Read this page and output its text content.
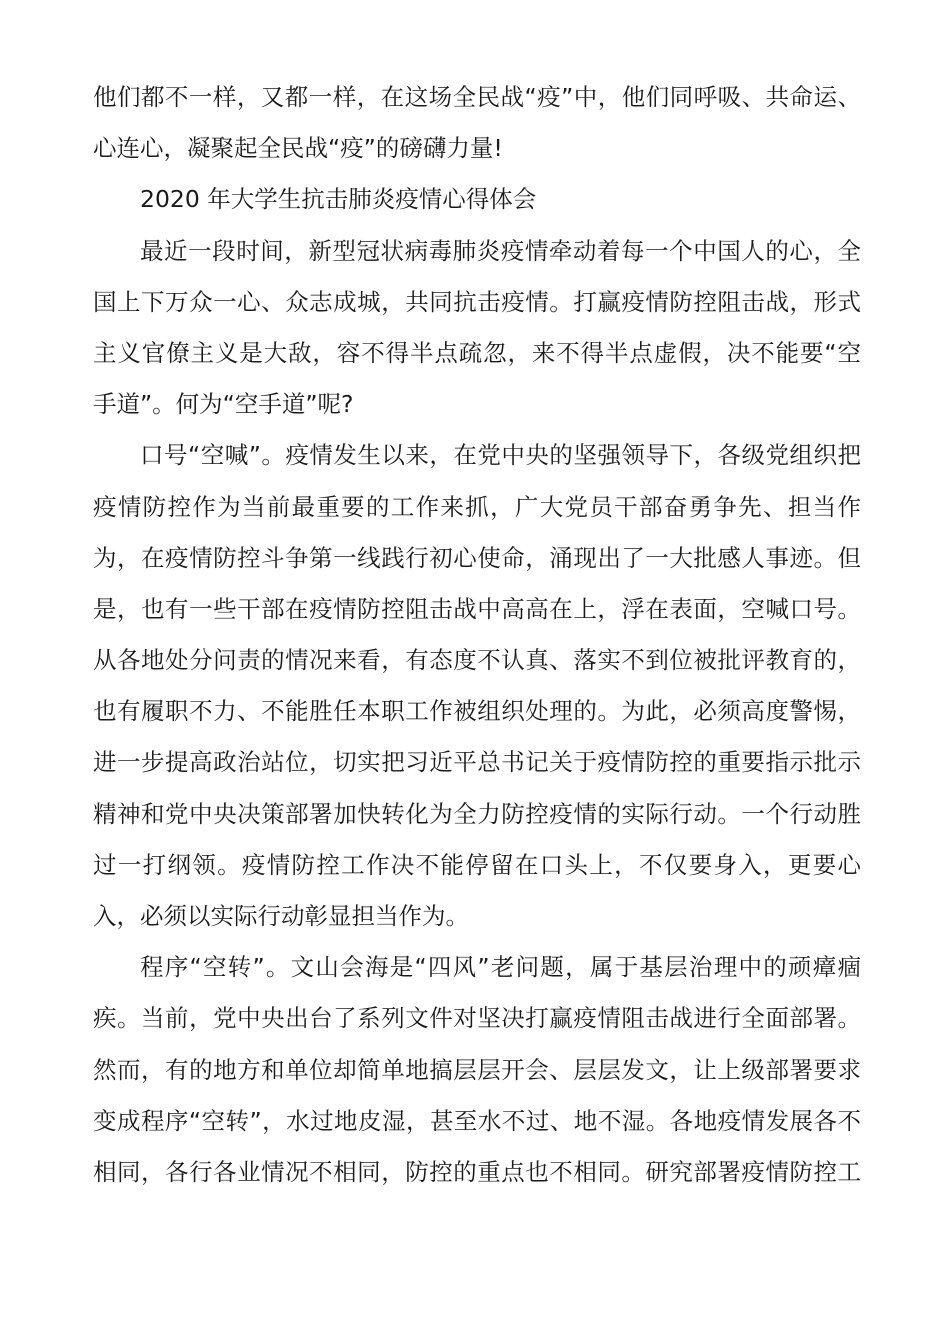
他们都不一样，又都一样，在这场全民战“疫”中，他们同呼吸、共命运、
心连心，凝聚起全民战“疫”的磅礴力量!
2020 年大学生抗击肺炎疫情心得体会
最近一段时间，新型冠状病毒肺炎疫情牵动着每一个中国人的心，全
国上下万众一心、众志成城，共同抗击疫情。打赢疫情防控阻击战，形式
主义官僚主义是大敌，容不得半点疏忽，来不得半点虚假，决不能要“空
手道”。何为“空手道”呢?
口号“空喊”。疫情发生以来，在党中央的坚强领导下，各级党组织把
疫情防控作为当前最重要的工作来抓，广大党员干部奋勇争先、担当作
为，在疫情防控斗争第一线践行初心使命，涌现出了一大批感人事迹。但
是，也有一些干部在疫情防控阻击战中高高在上，浮在表面，空喊口号。
从各地处分问责的情况来看，有态度不认真、落实不到位被批评教育的，
也有履职不力、不能胜任本职工作被组织处理的。为此，必须高度警惕，
进一步提高政治站位，切实把习近平总书记关于疫情防控的重要指示批示
精神和党中央决策部署加快转化为全力防控疫情的实际行动。一个行动胜
过一打纲领。疫情防控工作决不能停留在口头上，不仅要身入，更要心
入，必须以实际行动彰显担当作为。
程序“空转”。文山会海是“四风”老问题，属于基层治理中的顽瘴痼
疾。当前，党中央出台了系列文件对坚决打赢疫情阻击战进行全面部署。
然而，有的地方和单位却简单地搞层层开会、层层发文，让上级部署要求
变成程序“空转”，水过地皮湿，甚至水不过、地不湿。各地疫情发展各不
相同，各行各业情况不相同，防控的重点也不相同。研究部署疫情防控工
